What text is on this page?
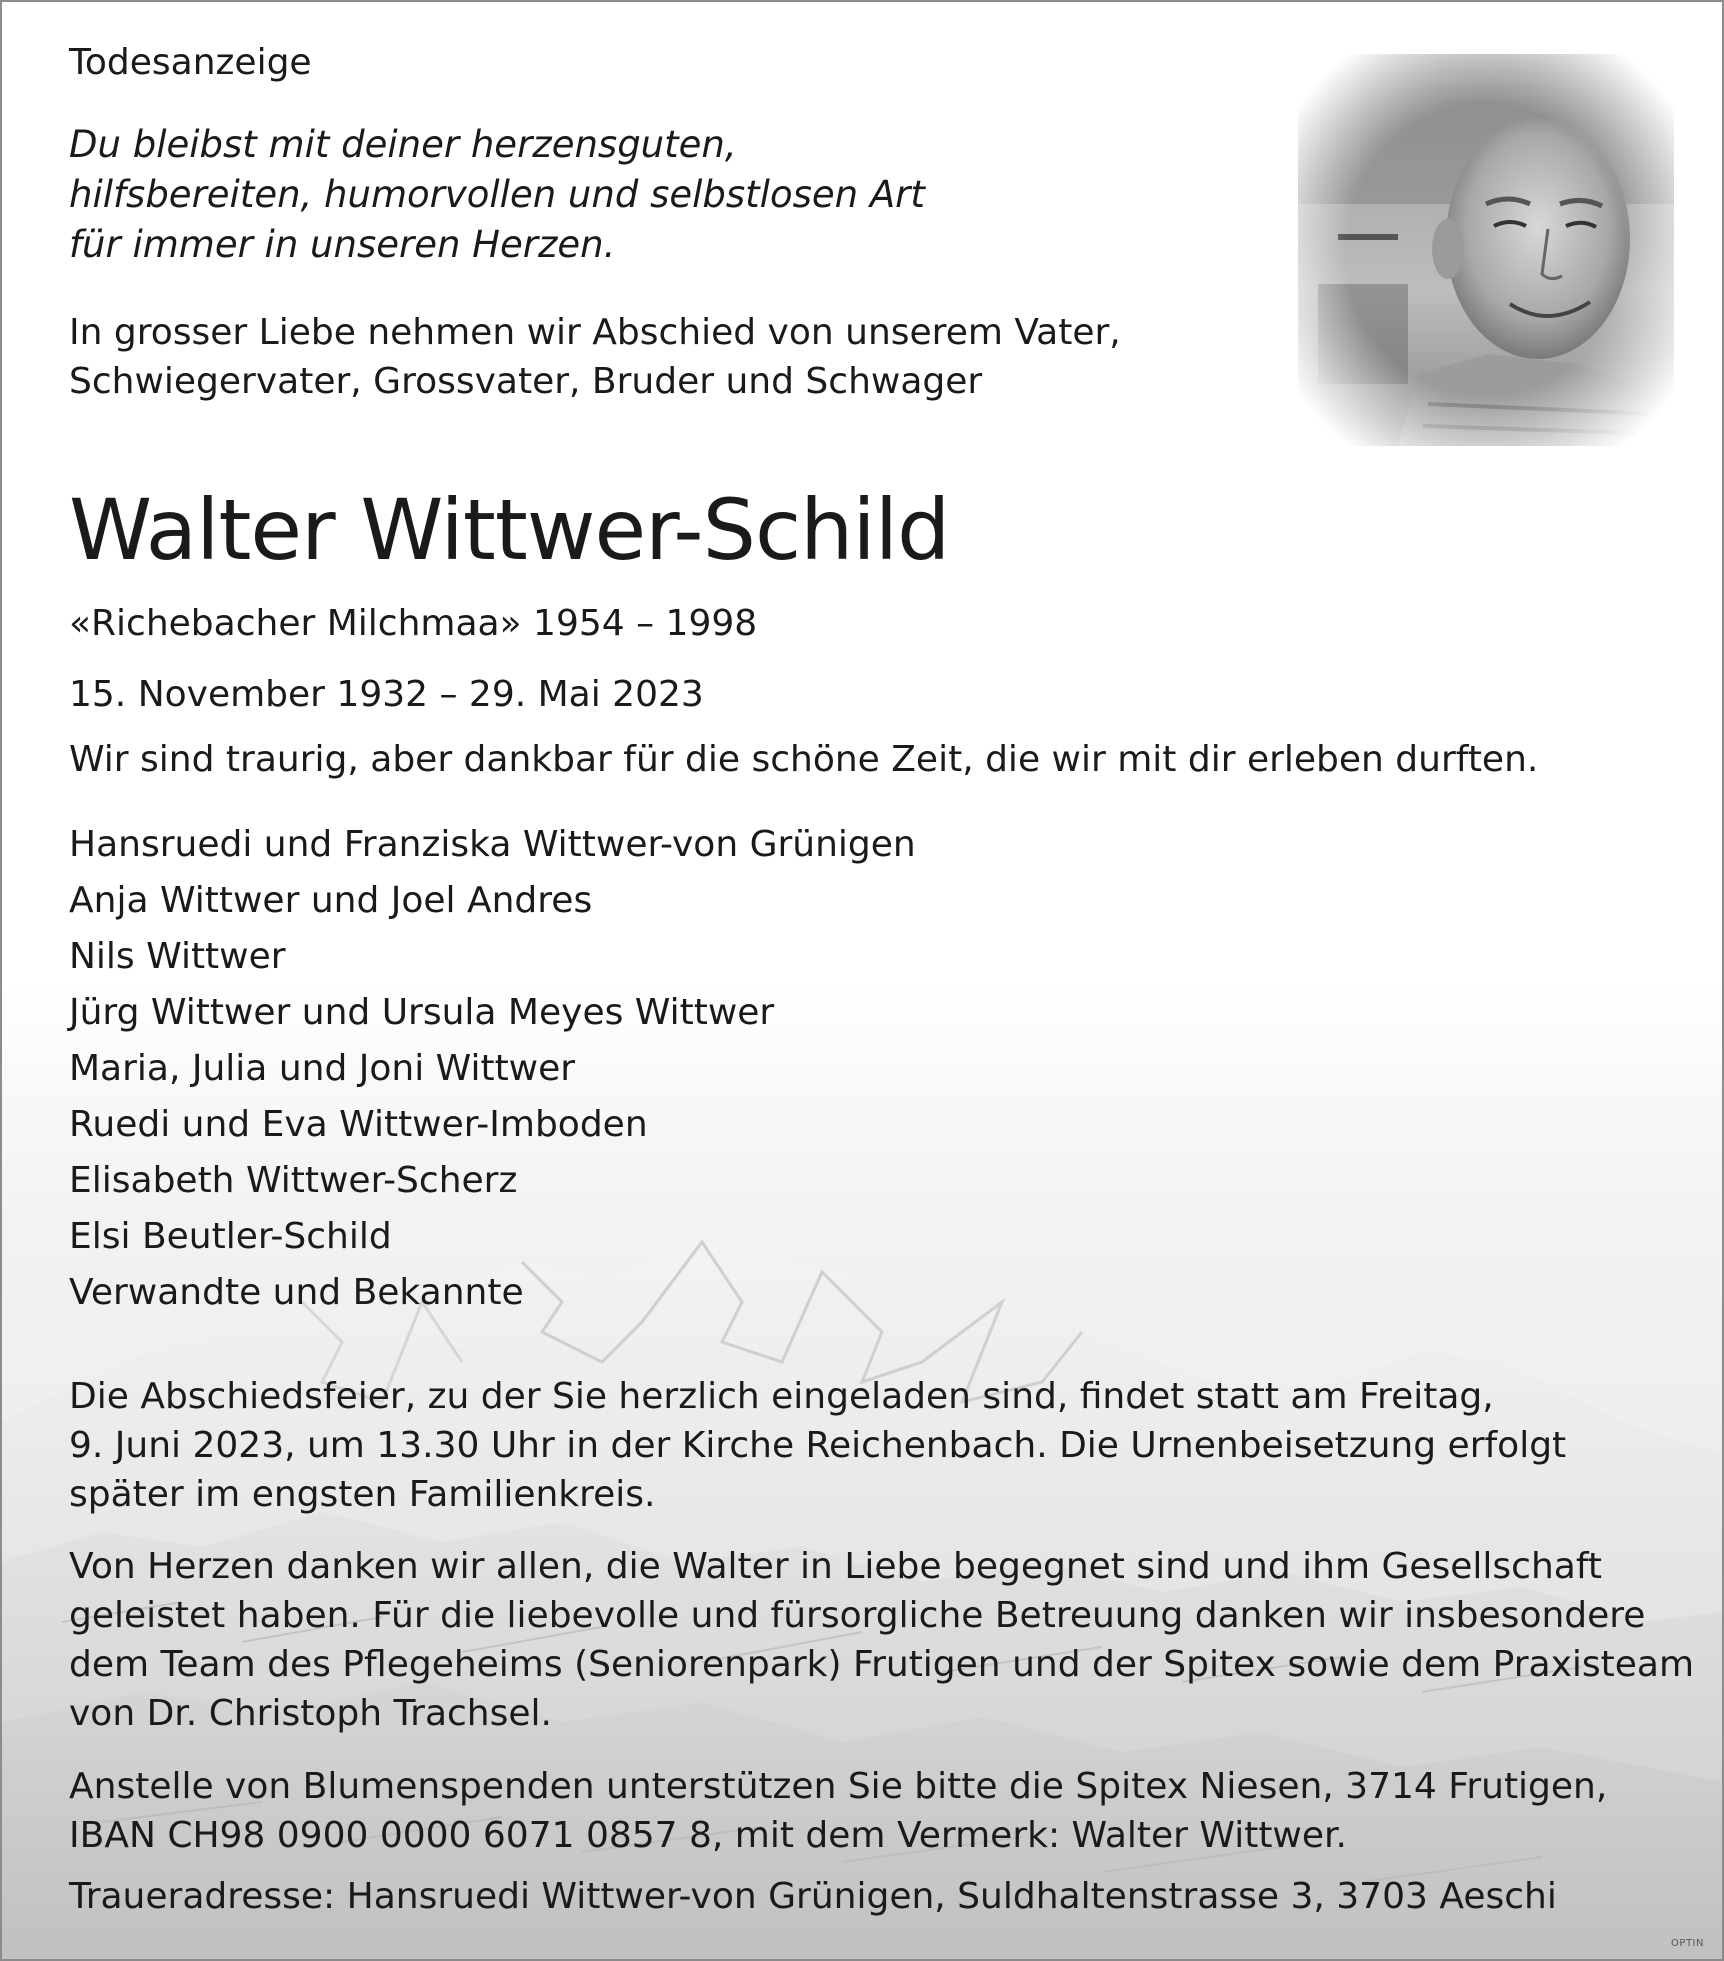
Todesanzeige
Du bleibst mit deiner herzensguten,
hilfsbereiten, humorvollen und selbstlosen Art
für immer in unseren Herzen.
In grosser Liebe nehmen wir Abschied von unserem Vater,
Schwiegervater, Grossvater, Bruder und Schwager
Walter Wittwer-Schild
«Richebacher Milchmaa» 1954 – 1998
15. November 1932 – 29. Mai 2023
Wir sind traurig, aber dankbar für die schöne Zeit, die wir mit dir erleben durften.
Hansruedi und Franziska Wittwer-von Grünigen
Anja Wittwer und Joel Andres
Nils Wittwer
Jürg Wittwer und Ursula Meyes Wittwer
Maria, Julia und Joni Wittwer
Ruedi und Eva Wittwer-Imboden
Elisabeth Wittwer-Scherz
Elsi Beutler-Schild
Verwandte und Bekannte
Die Abschiedsfeier, zu der Sie herzlich eingeladen sind, findet statt am Freitag,
9. Juni 2023, um 13.30 Uhr in der Kirche Reichenbach. Die Urnenbeisetzung erfolgt
später im engsten Familienkreis.
Von Herzen danken wir allen, die Walter in Liebe begegnet sind und ihm Gesellschaft
geleistet haben. Für die liebevolle und fürsorgliche Betreuung danken wir insbesondere
dem Team des Pflegeheims (Seniorenpark) Frutigen und der Spitex sowie dem Praxisteam
von Dr. Christoph Trachsel.
Anstelle von Blumenspenden unterstützen Sie bitte die Spitex Niesen, 3714 Frutigen,
IBAN CH98 0900 0000 6071 0857 8, mit dem Vermerk: Walter Wittwer.
Traueradresse: Hansruedi Wittwer-von Grünigen, Suldhaltenstrasse 3, 3703 Aeschi
OPTIN
